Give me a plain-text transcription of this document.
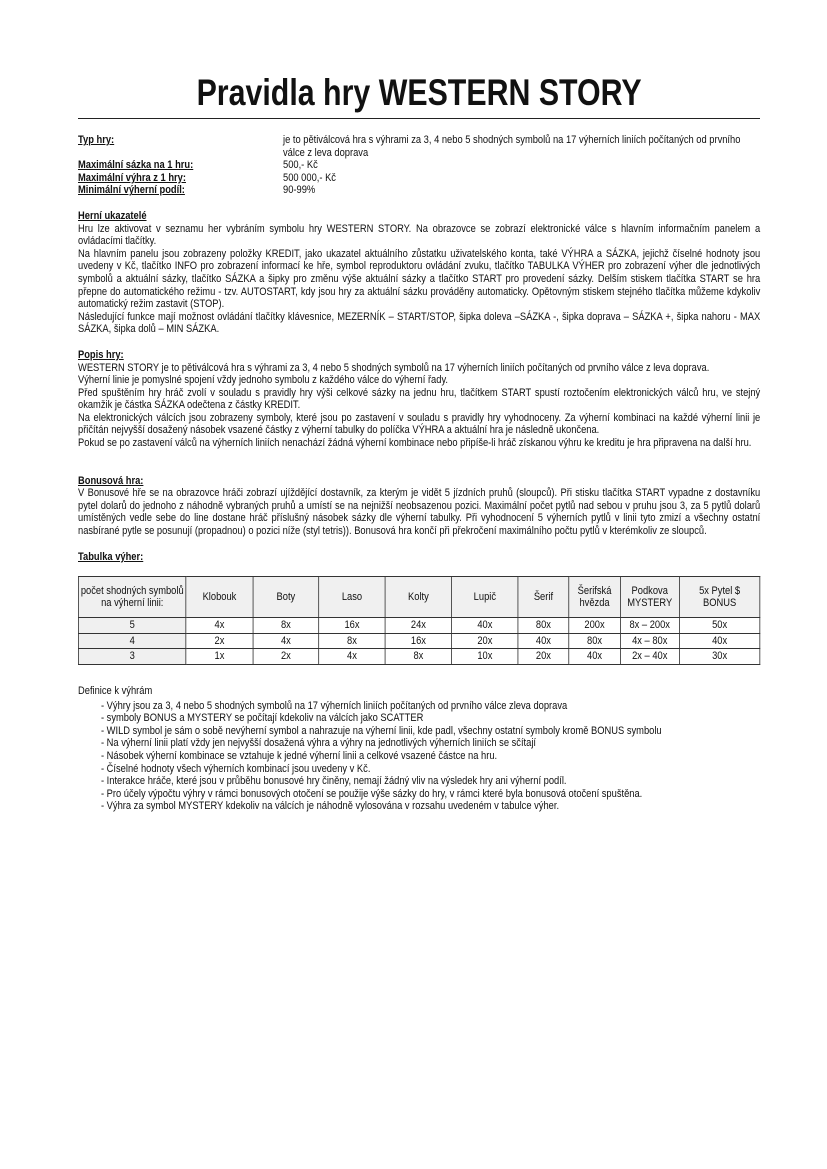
Pravidla hry WESTERN STORY
Typ hry:	je to pětiválcová hra s výhrami za 3, 4 nebo 5 shodných symbolů na 17 výherních liniích počítaných od prvního válce z leva doprava
Maximální sázka na 1 hru:	500,- Kč
Maximální výhra z 1 hry:	500 000,- Kč
Minimální výherní podíl:	90-99%
Herní ukazatelé

Hru lze aktivovat v seznamu her vybráním symbolu hry WESTERN STORY. Na obrazovce se zobrazí elektronické válce s hlavním informačním panelem a ovládacími tlačítky.

Na hlavním panelu jsou zobrazeny položky KREDIT, jako ukazatel aktuálního zůstatku uživatelského konta, také VÝHRA a SÁZKA, jejichž číselné hodnoty jsou uvedeny v Kč, tlačítko INFO pro zobrazení informací ke hře, symbol reproduktoru ovládání zvuku, tlačítko TABULKA VÝHER pro zobrazení výher dle jednotlivých symbolů a aktuální sázky, tlačítko SÁZKA a šipky pro změnu výše aktuální sázky a tlačítko START pro provedení sázky. Delším stiskem tlačítka START se hra přepne do automatického režimu - tzv. AUTOSTART, kdy jsou hry za aktuální sázku prováděny automaticky. Opětovným stiskem stejného tlačítka můžeme kdykoliv automatický režim zastavit (STOP).

Následující funkce mají možnost ovládání tlačítky klávesnice, MEZERNÍK – START/STOP, šipka doleva –SÁZKA -, šipka doprava – SÁZKA +, šipka nahoru - MAX SÁZKA, šipka dolů – MIN SÁZKA.

Popis hry:

WESTERN STORY je to pětiválcová hra s výhrami za 3, 4 nebo 5 shodných symbolů na 17 výherních liniích počítaných od prvního válce z leva doprava.

Výherní linie je pomyslné spojení vždy jednoho symbolu z každého válce do výherní řady.

Před spuštěním hry hráč zvolí v souladu s pravidly hry výši celkové sázky na jednu hru, tlačítkem START spustí roztočením elektronických válců hru, ve stejný okamžik je částka SÁZKA odečtena z částky KREDIT.

Na elektronických válcích jsou zobrazeny symboly, které jsou po zastavení v souladu s pravidly hry vyhodnoceny. Za výherní kombinaci na každé výherní linii je přičítán nejvyšší dosažený násobek vsazené částky z výherní tabulky do políčka VÝHRA a aktuální hra je následně ukončena.

Pokud se po zastavení válců na výherních liniích nenachází žádná výherní kombinace nebo připíše-li hráč získanou výhru ke kreditu je hra připravena na další hru.

Bonusová hra:

V Bonusové hře se na obrazovce hráči zobrazí ujíždějící dostavník, za kterým je vidět 5 jízdních pruhů (sloupců). Při stisku tlačítka START vypadne z dostavníku pytel dolarů do jednoho z náhodně vybraných pruhů a umístí se na nejnižší neobsazenou pozici. Maximální počet pytlů nad sebou v pruhu jsou 3, za 5 pytlů dolarů umístěných vedle sebe do line dostane hráč příslušný násobek sázky dle výherní tabulky. Při vyhodnocení 5 výherních pytlů v linii tyto zmizí a všechny ostatní nasbírané pytle se posunují (propadnou) o pozici níže (styl tetris)). Bonusová hra končí při překročení maximálního počtu pytlů v kterémkoliv ze sloupců.

Tabulka výher:
počet shodných symbolů na výherní linii:	Klobouk	Boty	Laso	Kolty	Lupič	Šerif	Šerifská hvězda	Podkova MYSTERY	5x Pytel $ BONUS
5	4x	8x	16x	24x	40x	80x	200x	8x – 200x	50x
4	2x	4x	8x	16x	20x	40x	80x	4x – 80x	40x
3	1x	2x	4x	8x	10x	20x	40x	2x – 40x	30x
Definice k výhrám
- Výhry jsou za 3, 4 nebo 5 shodných symbolů na 17 výherních liniích počítaných od prvního válce zleva doprava
- symboly BONUS a MYSTERY se počítají kdekoliv na válcích jako SCATTER
- WILD symbol je sám o sobě nevýherní symbol a nahrazuje na výherní linii, kde padl, všechny ostatní symboly kromě BONUS symbolu
- Na výherní linii platí vždy jen nejvyšší dosažená výhra a výhry na jednotlivých výherních liniích se sčítají
- Násobek výherní kombinace se vztahuje k jedné výherní linii a celkové vsazené částce na hru.
- Číselné hodnoty všech výherních kombinací jsou uvedeny v Kč.
- Interakce hráče, které jsou v průběhu bonusové hry činěny, nemají žádný vliv na výsledek hry ani výherní podíl.
- Pro účely výpočtu výhry v rámci bonusových otočení se použije výše sázky do hry, v rámci které byla bonusová otočení spuštěna.
- Výhra za symbol MYSTERY kdekoliv na válcích je náhodně vylosována v rozsahu uvedeném v tabulce výher.
